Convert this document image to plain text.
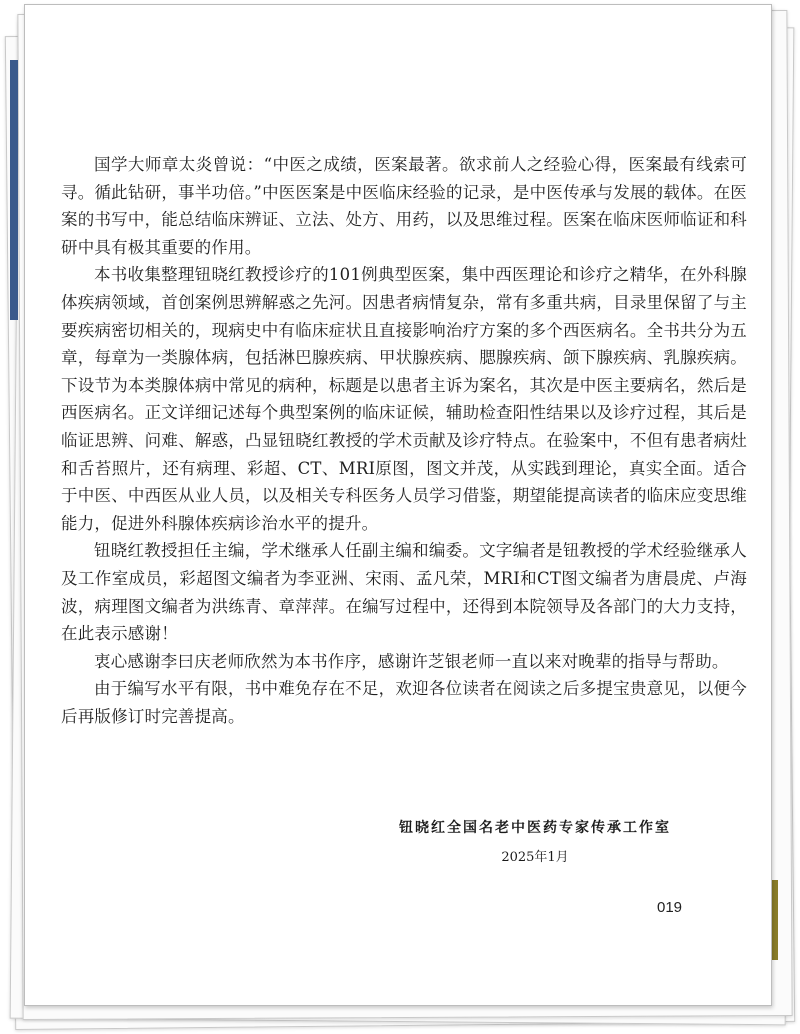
国学大师章太炎曾说：“中医之成绩，医案最著。欲求前人之经验心得，医案最有线索可寻。循此钻研，事半功倍。”中医医案是中医临床经验的记录，是中医传承与发展的载体。在医案的书写中，能总结临床辨证、立法、处方、用药，以及思维过程。医案在临床医师临证和科研中具有极其重要的作用。

本书收集整理钮晓红教授诊疗的101例典型医案，集中西医理论和诊疗之精华，在外科腺体疾病领域，首创案例思辨解惑之先河。因患者病情复杂，常有多重共病，目录里保留了与主要疾病密切相关的，现病史中有临床症状且直接影响治疗方案的多个西医病名。全书共分为五章，每章为一类腺体病，包括淋巴腺疾病、甲状腺疾病、腮腺疾病、颌下腺疾病、乳腺疾病。下设节为本类腺体病中常见的病种，标题是以患者主诉为案名，其次是中医主要病名，然后是西医病名。正文详细记述每个典型案例的临床证候，辅助检查阳性结果以及诊疗过程，其后是临证思辨、问难、解惑，凸显钮晓红教授的学术贡献及诊疗特点。在验案中，不但有患者病灶和舌苔照片，还有病理、彩超、CT、MRI原图，图文并茂，从实践到理论，真实全面。适合于中医、中西医从业人员，以及相关专科医务人员学习借鉴，期望能提高读者的临床应变思维能力，促进外科腺体疾病诊治水平的提升。

钮晓红教授担任主编，学术继承人任副主编和编委。文字编者是钮教授的学术经验继承人及工作室成员，彩超图文编者为李亚洲、宋雨、孟凡荣，MRI和CT图文编者为唐晨虎、卢海波，病理图文编者为洪练青、章萍萍。在编写过程中，还得到本院领导及各部门的大力支持，在此表示感谢！

衷心感谢李曰庆老师欣然为本书作序，感谢许芝银老师一直以来对晚辈的指导与帮助。

由于编写水平有限，书中难免存在不足，欢迎各位读者在阅读之后多提宝贵意见，以便今后再版修订时完善提高。

钮晓红全国名老中医药专家传承工作室
2025年1月
019
